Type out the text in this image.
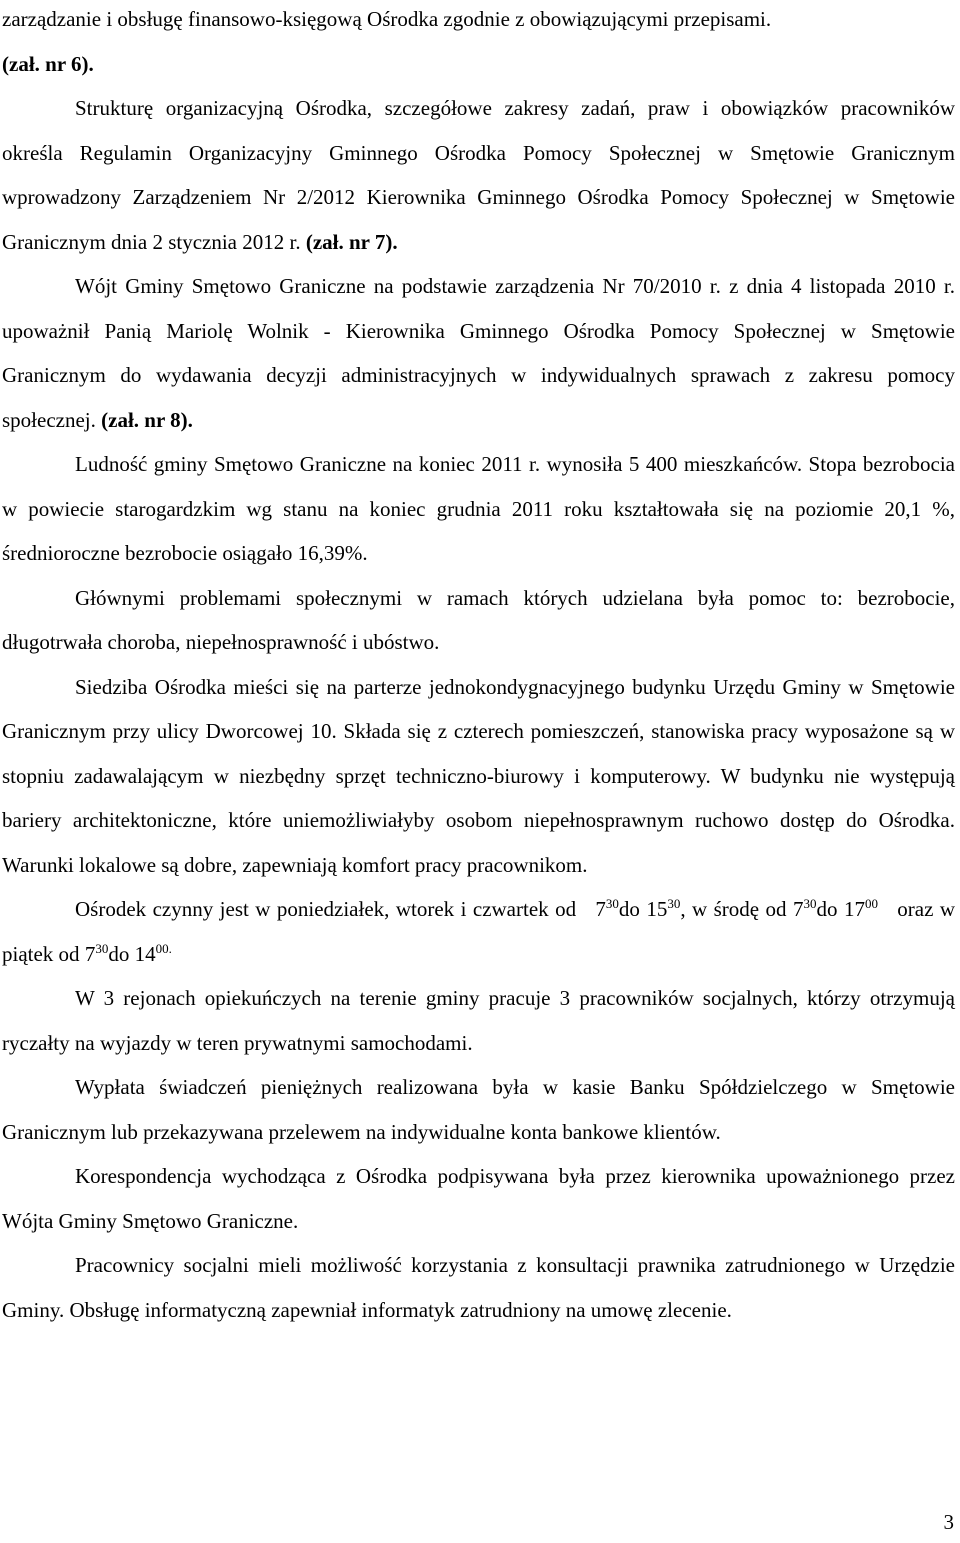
zarządzanie i obsługę finansowo-księgową Ośrodka zgodnie z obowiązującymi przepisami.
(zał. nr 6).

Strukturę organizacyjną Ośrodka, szczegółowe zakresy zadań, praw i obowiązków pracowników określa Regulamin Organizacyjny Gminnego Ośrodka Pomocy Społecznej w Smętowie Granicznym wprowadzony Zarządzeniem Nr 2/2012 Kierownika Gminnego Ośrodka Pomocy Społecznej w Smętowie Granicznym dnia 2 stycznia 2012 r. (zał. nr 7).

Wójt Gminy Smętowo Graniczne na podstawie zarządzenia Nr 70/2010 r. z dnia 4 listopada 2010 r. upoważnił Panią Mariolę Wolnik - Kierownika Gminnego Ośrodka Pomocy Społecznej w Smętowie Granicznym do wydawania decyzji administracyjnych w indywidualnych sprawach z zakresu pomocy społecznej. (zał. nr 8).

Ludność gminy Smętowo Graniczne na koniec 2011 r. wynosiła 5 400 mieszkańców. Stopa bezrobocia w powiecie starogardzkim wg stanu na koniec grudnia 2011 roku kształtowała się na poziomie 20,1 %, średnioroczne bezrobocie osiągało 16,39%.

Głównymi problemami społecznymi w ramach których udzielana była pomoc to: bezrobocie, długotrwała choroba, niepełnosprawność i ubóstwo.

Siedziba Ośrodka mieści się na parterze jednokondygnacyjnego budynku Urzędu Gminy w Smętowie Granicznym przy ulicy Dworcowej 10. Składa się z czterech pomieszczeń, stanowiska pracy wyposażone są w stopniu zadawalającym w niezbędny sprzęt techniczno-biurowy i komputerowy. W budynku nie występują bariery architektoniczne, które uniemożliwiałyby osobom niepełnosprawnym ruchowo dostęp do Ośrodka. Warunki lokalowe są dobre, zapewniają komfort pracy pracownikom.

Ośrodek czynny jest w poniedziałek, wtorek i czwartek od $7^{30}do$ $15^{30}$, w środę od $7^{30}do$ $17^{00}$ oraz w piątek od $7^{30}do$ $14^{00.}$

W 3 rejonach opiekuńczych na terenie gminy pracuje 3 pracowników socjalnych, którzy otrzymują ryczałty na wyjazdy w teren prywatnymi samochodami.

Wypłata świadczeń pieniężnych realizowana była w kasie Banku Spółdzielczego w Smętowie Granicznym lub przekazywana przelewem na indywidualne konta bankowe klientów.

Korespondencja wychodząca z Ośrodka podpisywana była przez kierownika upoważnionego przez Wójta Gminy Smętowo Graniczne.

Pracownicy socjalni mieli możliwość korzystania z konsultacji prawnika zatrudnionego w Urzędzie Gminy. Obsługę informatyczną zapewniał informatyk zatrudniony na umowę zlecenie.

3
